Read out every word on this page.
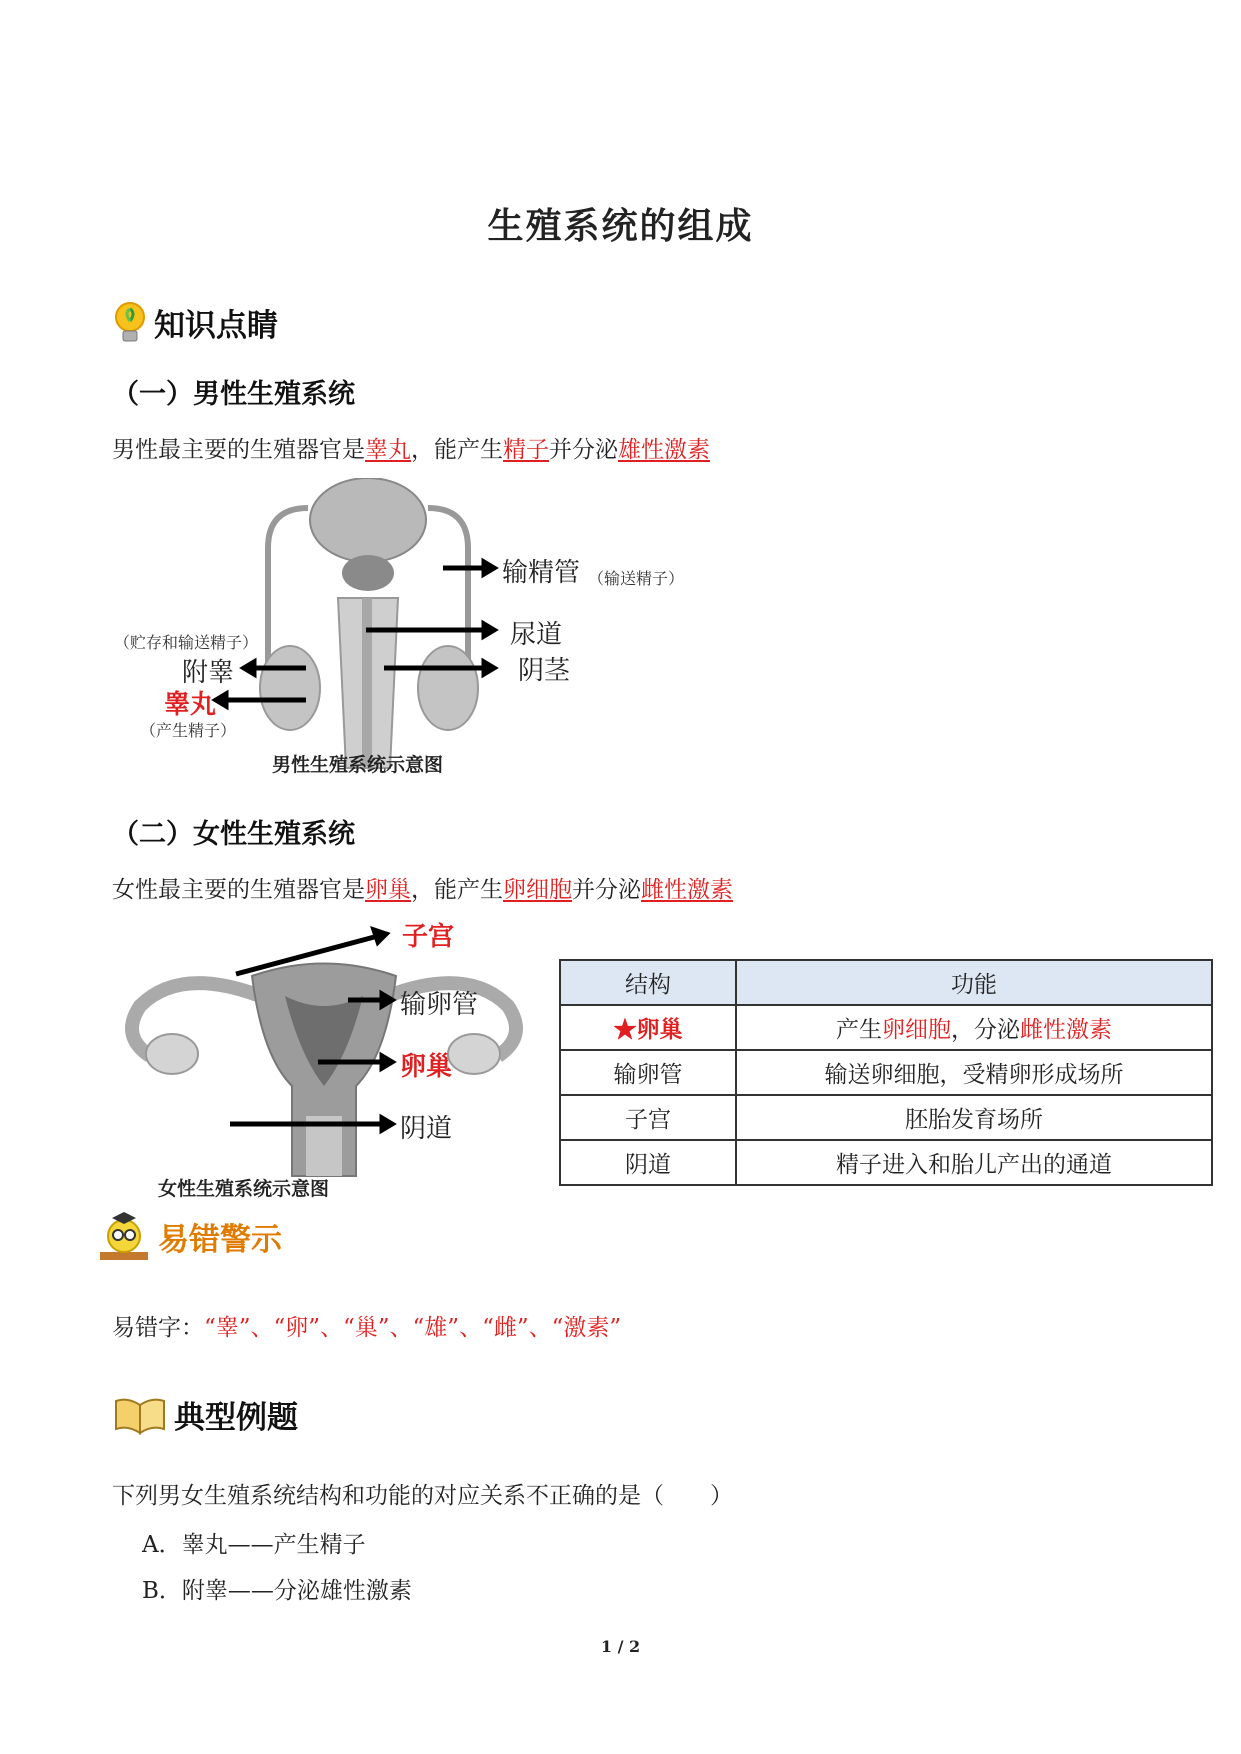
生殖系统的组成
知识点睛
（一）男性生殖系统
男性最主要的生殖器官是睾丸，能产生精子并分泌雄性激素
输精管 （输送精子）
尿道
阴茎
（贮存和输送精子）
附睾
睾丸
（产生精子）
男性生殖系统示意图
（二）女性生殖系统
女性最主要的生殖器官是卵巢，能产生卵细胞并分泌雌性激素
子宫
输卵管
卵巢
阴道
女性生殖系统示意图
结构	功能
★卵巢	产生卵细胞，分泌雌性激素
输卵管	输送卵细胞，受精卵形成场所
子宫	胚胎发育场所
阴道	精子进入和胎儿产出的通道
易错警示
易错字：“睾”、“卵”、“巢”、“雄”、“雌”、“激素”
典型例题
下列男女生殖系统结构和功能的对应关系不正确的是（　　）
A．睾丸——产生精子
B．附睾——分泌雄性激素
1 / 2
